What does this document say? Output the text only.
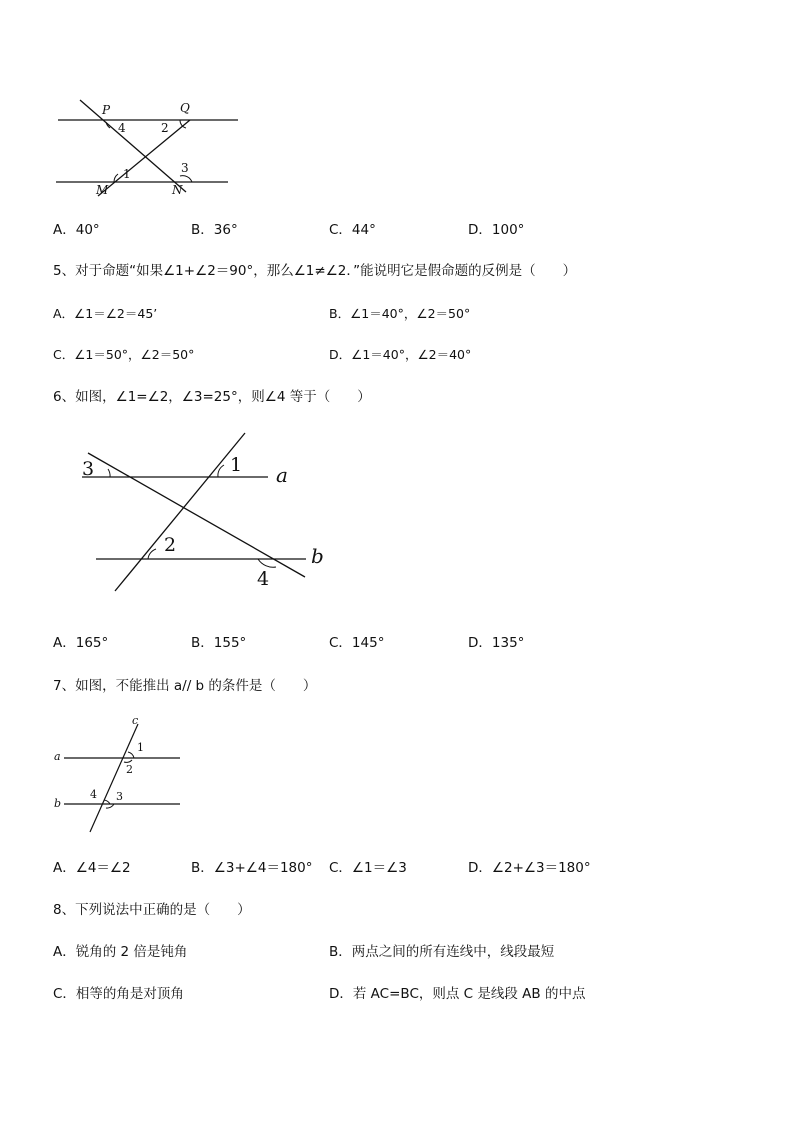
P	Q
M	N
1
2
3
4
A．40°	B．36°	C．44°	D．100°
5、对于命题“如果∠1+∠2＝90°，那么∠1≠∠2．”能说明它是假命题的反例是（　　）
A．∠1＝∠2＝45’	B．∠1＝40°，∠2＝50°
C．∠1＝50°，∠2＝50°	D．∠1＝40°，∠2＝40°
6、如图，∠1=∠2，∠3=25°，则∠4 等于（　　）
3	1 a
2	b
4
A．165°	B．155°	C．145°	D．135°
7、如图，不能推出 a// b 的条件是（　　）
c
a
b
1
2
3
4
A．∠4＝∠2	B．∠3+∠4＝180° C．∠1＝∠3	D．∠2+∠3＝180°
8、下列说法中正确的是（　　）
A．锐角的 2 倍是钝角	B．两点之间的所有连线中，线段最短
C．相等的角是对顶角	D．若 AC=BC，则点 C 是线段 AB 的中点
